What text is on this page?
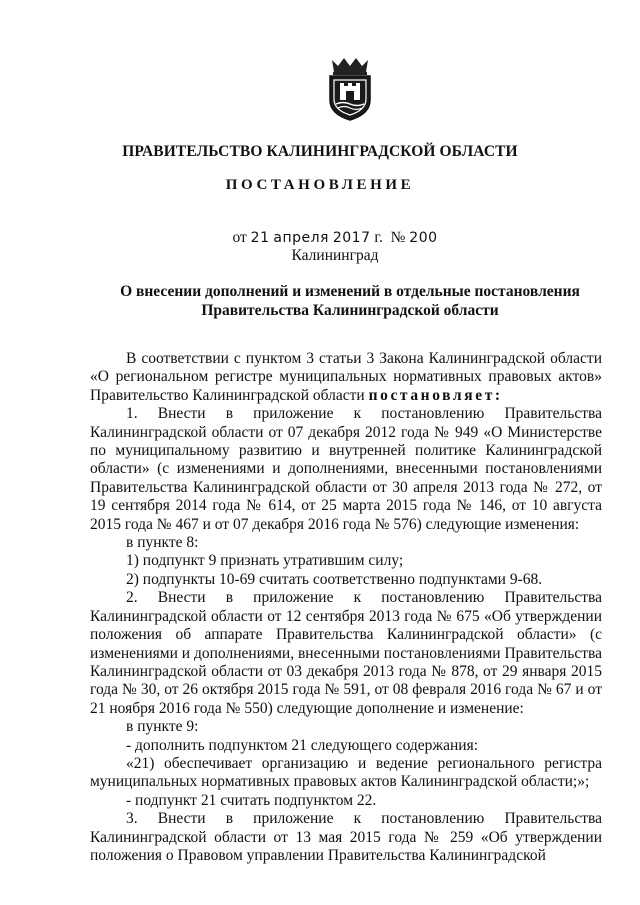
ПРАВИТЕЛЬСТВО КАЛИНИНГРАДСКОЙ ОБЛАСТИ
ПОСТАНОВЛЕНИЕ
от 21 апреля 2017 г. № 200
Калининград
О внесении дополнений и изменений в отдельные постановления
Правительства Калининградской области

В соответствии с пунктом 3 статьи 3 Закона Калининградской области «О региональном регистре муниципальных нормативных правовых актов» Правительство Калининградской области постановляет:

1. Внести в приложение к постановлению Правительства Калининградской области от 07 декабря 2012 года № 949 «О Министерстве по муниципальному развитию и внутренней политике Калининградской области» (с изменениями и дополнениями, внесенными постановлениями Правительства Калининградской области от 30 апреля 2013 года № 272, от 19 сентября 2014 года № 614, от 25 марта 2015 года № 146, от 10 августа 2015 года № 467 и от 07 декабря 2016 года № 576) следующие изменения:

в пункте 8:

1) подпункт 9 признать утратившим силу;

2) подпункты 10-69 считать соответственно подпунктами 9-68.

2. Внести в приложение к постановлению Правительства Калининградской области от 12 сентября 2013 года № 675 «Об утверждении положения об аппарате Правительства Калининградской области» (с изменениями и дополнениями, внесенными постановлениями Правительства Калининградской области от 03 декабря 2013 года № 878, от 29 января 2015 года № 30, от 26 октября 2015 года № 591, от 08 февраля 2016 года № 67 и от 21 ноября 2016 года № 550) следующие дополнение и изменение:

в пункте 9:

- дополнить подпунктом 21 следующего содержания:

«21) обеспечивает организацию и ведение регионального регистра муниципальных нормативных правовых актов Калининградской области;»;

- подпункт 21 считать подпунктом 22.

3. Внести в приложение к постановлению Правительства Калининградской области от 13 мая 2015 года № 259 «Об утверждении положения о Правовом управлении Правительства Калининградской
